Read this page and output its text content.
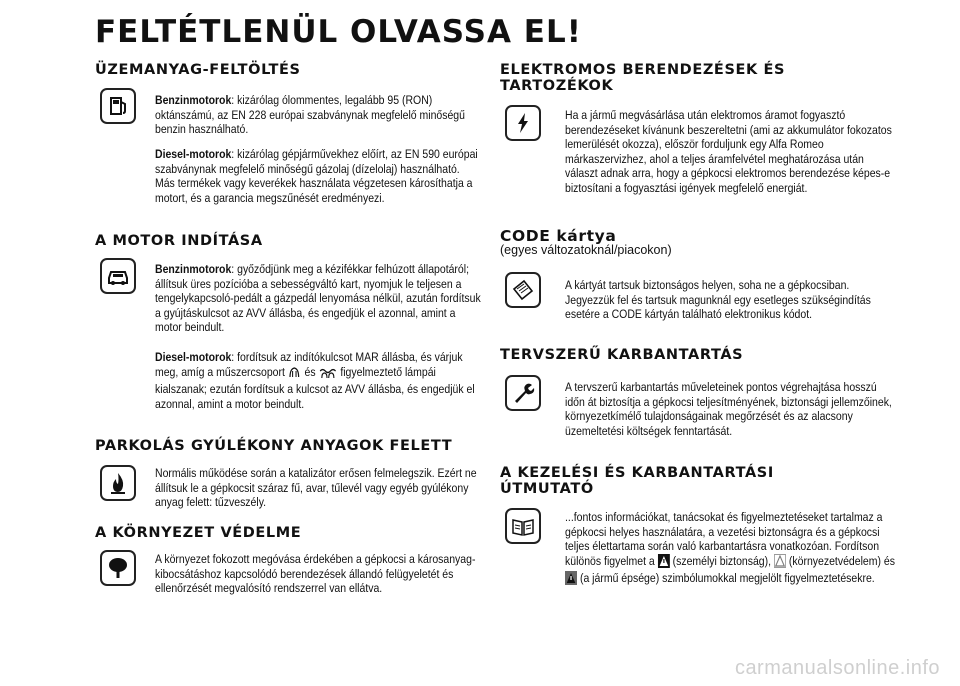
FELTÉTLENÜL OLVASSA EL!
ÜZEMANYAG-FELTÖLTÉS
Benzinmotorok: kizárólag ólommentes, legalább 95 (RON) oktánszámú, az EN 228 európai szabványnak megfelelő minőségű benzin használható.
Diesel-motorok: kizárólag gépjárművekhez előírt, az EN 590 európai szabványnak megfelelő minőségű gázolaj (dízelolaj) használható. Más termékek vagy keverékek használata végzetesen károsíthatja a motort, és a garancia megszűnését eredményezi.
A MOTOR INDÍTÁSA
Benzinmotorok: győződjünk meg a kézifékkar felhúzott állapotáról; állítsuk üres pozícióba a sebességváltó kart, nyomjuk le teljesen a tengelykapcsoló-pedált a gázpedál lenyomása nélkül, azután fordítsuk a gyújtáskulcsot az AVV állásba, és engedjük el azonnal, amint a motor beindult.
Diesel-motorok: fordítsuk az indítókulcsot MAR állásba, és várjuk meg, amíg a műszercsoport és figyelmeztető lámpái kialszanak; ezután fordítsuk a kulcsot az AVV állásba, és engedjük el azonnal, amint a motor beindult.
PARKOLÁS GYÚLÉKONY ANYAGOK FELETT
Normális működése során a katalizátor erősen felmelegszik. Ezért ne állítsuk le a gépkocsit száraz fű, avar, tűlevél vagy egyéb gyúlékony anyag felett: tűzveszély.
A KÖRNYEZET VÉDELME
A környezet fokozott megóvása érdekében a gépkocsi a károsanyag-kibocsátáshoz kapcsolódó berendezések állandó felügyeletét és ellenőrzését megvalósító rendszerrel van ellátva.
ELEKTROMOS BERENDEZÉSEK ÉS
TARTOZÉKOK
Ha a jármű megvásárlása után elektromos áramot fogyasztó berendezéseket kívánunk beszereltetni (ami az akkumulátor fokozatos lemerülését okozza), először forduljunk egy Alfa Romeo márkaszervizhez, ahol a teljes áramfelvétel meghatározása után választ adnak arra, hogy a gépkocsi elektromos berendezése képes-e biztosítani a fogyasztási igények megfelelő energiát.
CODE kártya
(egyes változatoknál/piacokon)
A kártyát tartsuk biztonságos helyen, soha ne a gépkocsiban. Jegyezzük fel és tartsuk magunknál egy esetleges szükségindítás esetére a CODE kártyán található elektronikus kódot.
TERVSZERŰ KARBANTARTÁS
A tervszerű karbantartás műveleteinek pontos végrehajtása hosszú időn át biztosítja a gépkocsi teljesítményének, biztonsági jellemzőinek, környezetkímélő tulajdonságainak megőrzését és az alacsony üzemeltetési költségek fenntartását.
A KEZELÉSI ÉS KARBANTARTÁSI
ÚTMUTATÓ
...fontos információkat, tanácsokat és figyelmeztetéseket tartalmaz a gépkocsi helyes használatára, a vezetési biztonságra és a gépkocsi teljes élettartama során való karbantartásra vonatkozóan. Fordítson különös figyelmet a (személyi biztonság), (környezetvédelem) és  (a jármű épsége) szimbólumokkal megjelölt figyelmeztetésekre.
carmanualsonline.info
